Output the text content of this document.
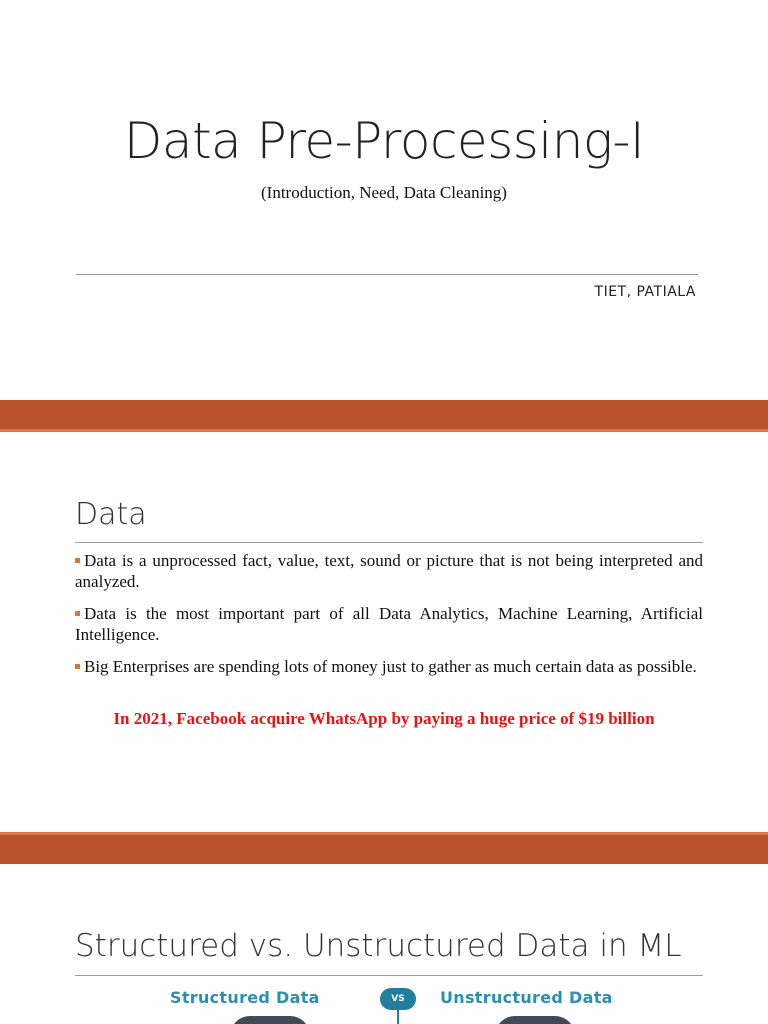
Data Pre-Processing-I
(Introduction, Need, Data Cleaning)
TIET, PATIALA
Data
Data is a unprocessed fact, value, text, sound or picture that is not being interpreted and analyzed.
Data is the most important part of all Data Analytics, Machine Learning, Artificial Intelligence.
Big Enterprises are spending lots of money just to gather as much certain data as possible.
In 2021, Facebook acquire WhatsApp by paying a huge price of $19 billion
Structured vs. Unstructured Data in ML
Structured Data	VS	Unstructured Data
